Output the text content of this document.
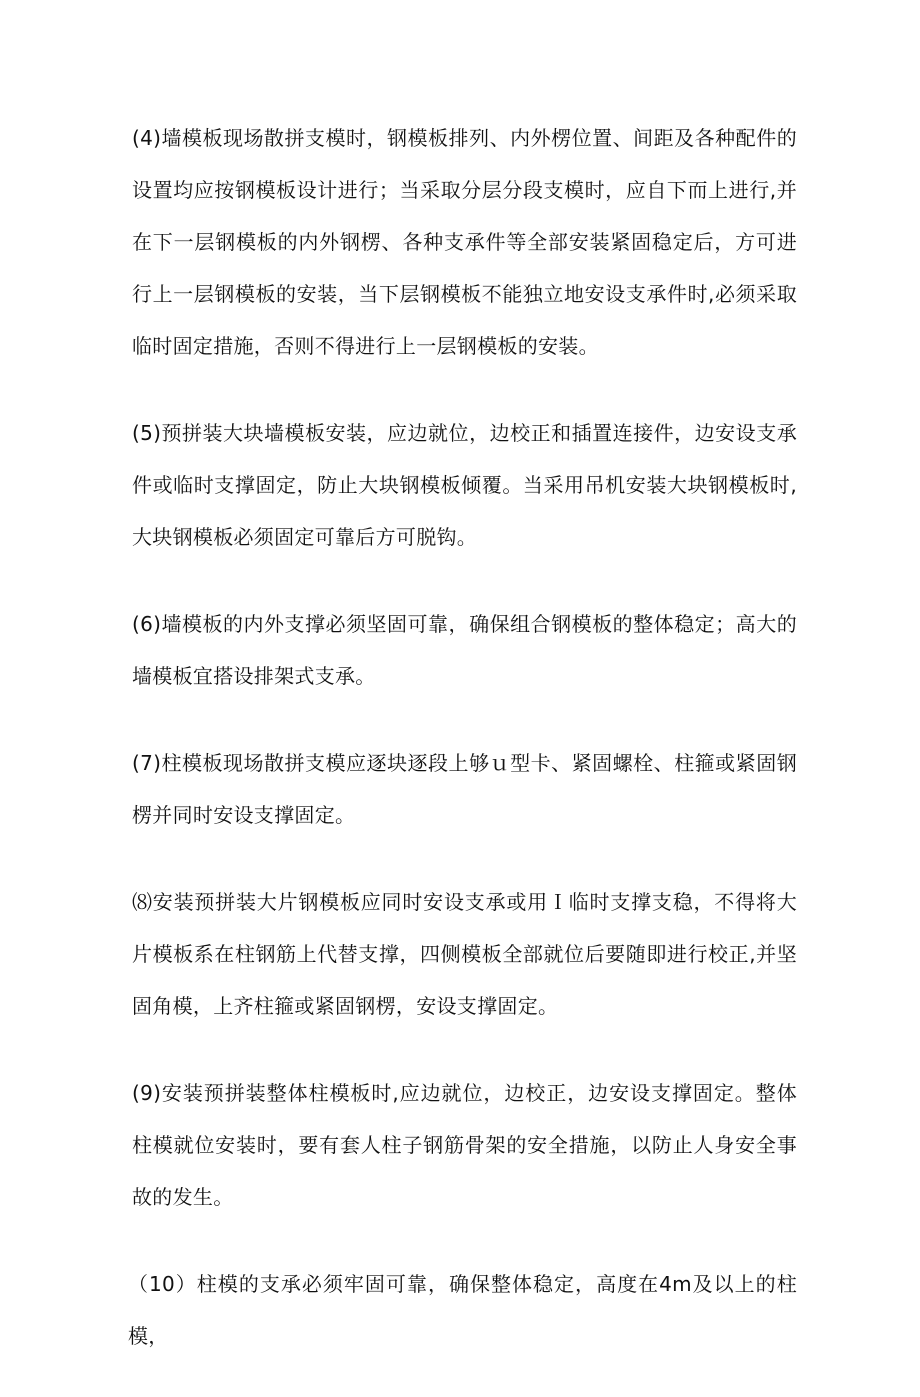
(4)墙模板现场散拼支模时，钢模板排列、内外楞位置、间距及各种配件的设置均应按钢模板设计进行；当采取分层分段支模时，应自下而上进行,并在下一层钢模板的内外钢楞、各种支承件等全部安装紧固稳定后，方可进行上一层钢模板的安装，当下层钢模板不能独立地安设支承件时,必须采取临时固定措施，否则不得进行上一层钢模板的安装。

(5)预拼装大块墙模板安装，应边就位，边校正和插置连接件，边安设支承件或临时支撑固定，防止大块钢模板倾覆。当采用吊机安装大块钢模板时,大块钢模板必须固定可靠后方可脱钩。

(6)墙模板的内外支撑必须坚固可靠，确保组合钢模板的整体稳定；高大的墙模板宜搭设排架式支承。

(7)柱模板现场散拼支模应逐块逐段上够ｕ型卡、紧固螺栓、柱箍或紧固钢楞并同时安设支撑固定。

⑻安装预拼装大片钢模板应同时安设支承或用Ｉ临时支撑支稳，不得将大片模板系在柱钢筋上代替支撑，四侧模板全部就位后要随即进行校正,并坚固角模，上齐柱箍或紧固钢楞，安设支撑固定。

(9)安装预拼装整体柱模板时,应边就位，边校正，边安设支撑固定。整体柱模就位安装时，要有套人柱子钢筋骨架的安全措施，以防止人身安全事故的发生。

（10）柱模的支承必须牢固可靠，确保整体稳定，高度在4m及以上的柱模，
